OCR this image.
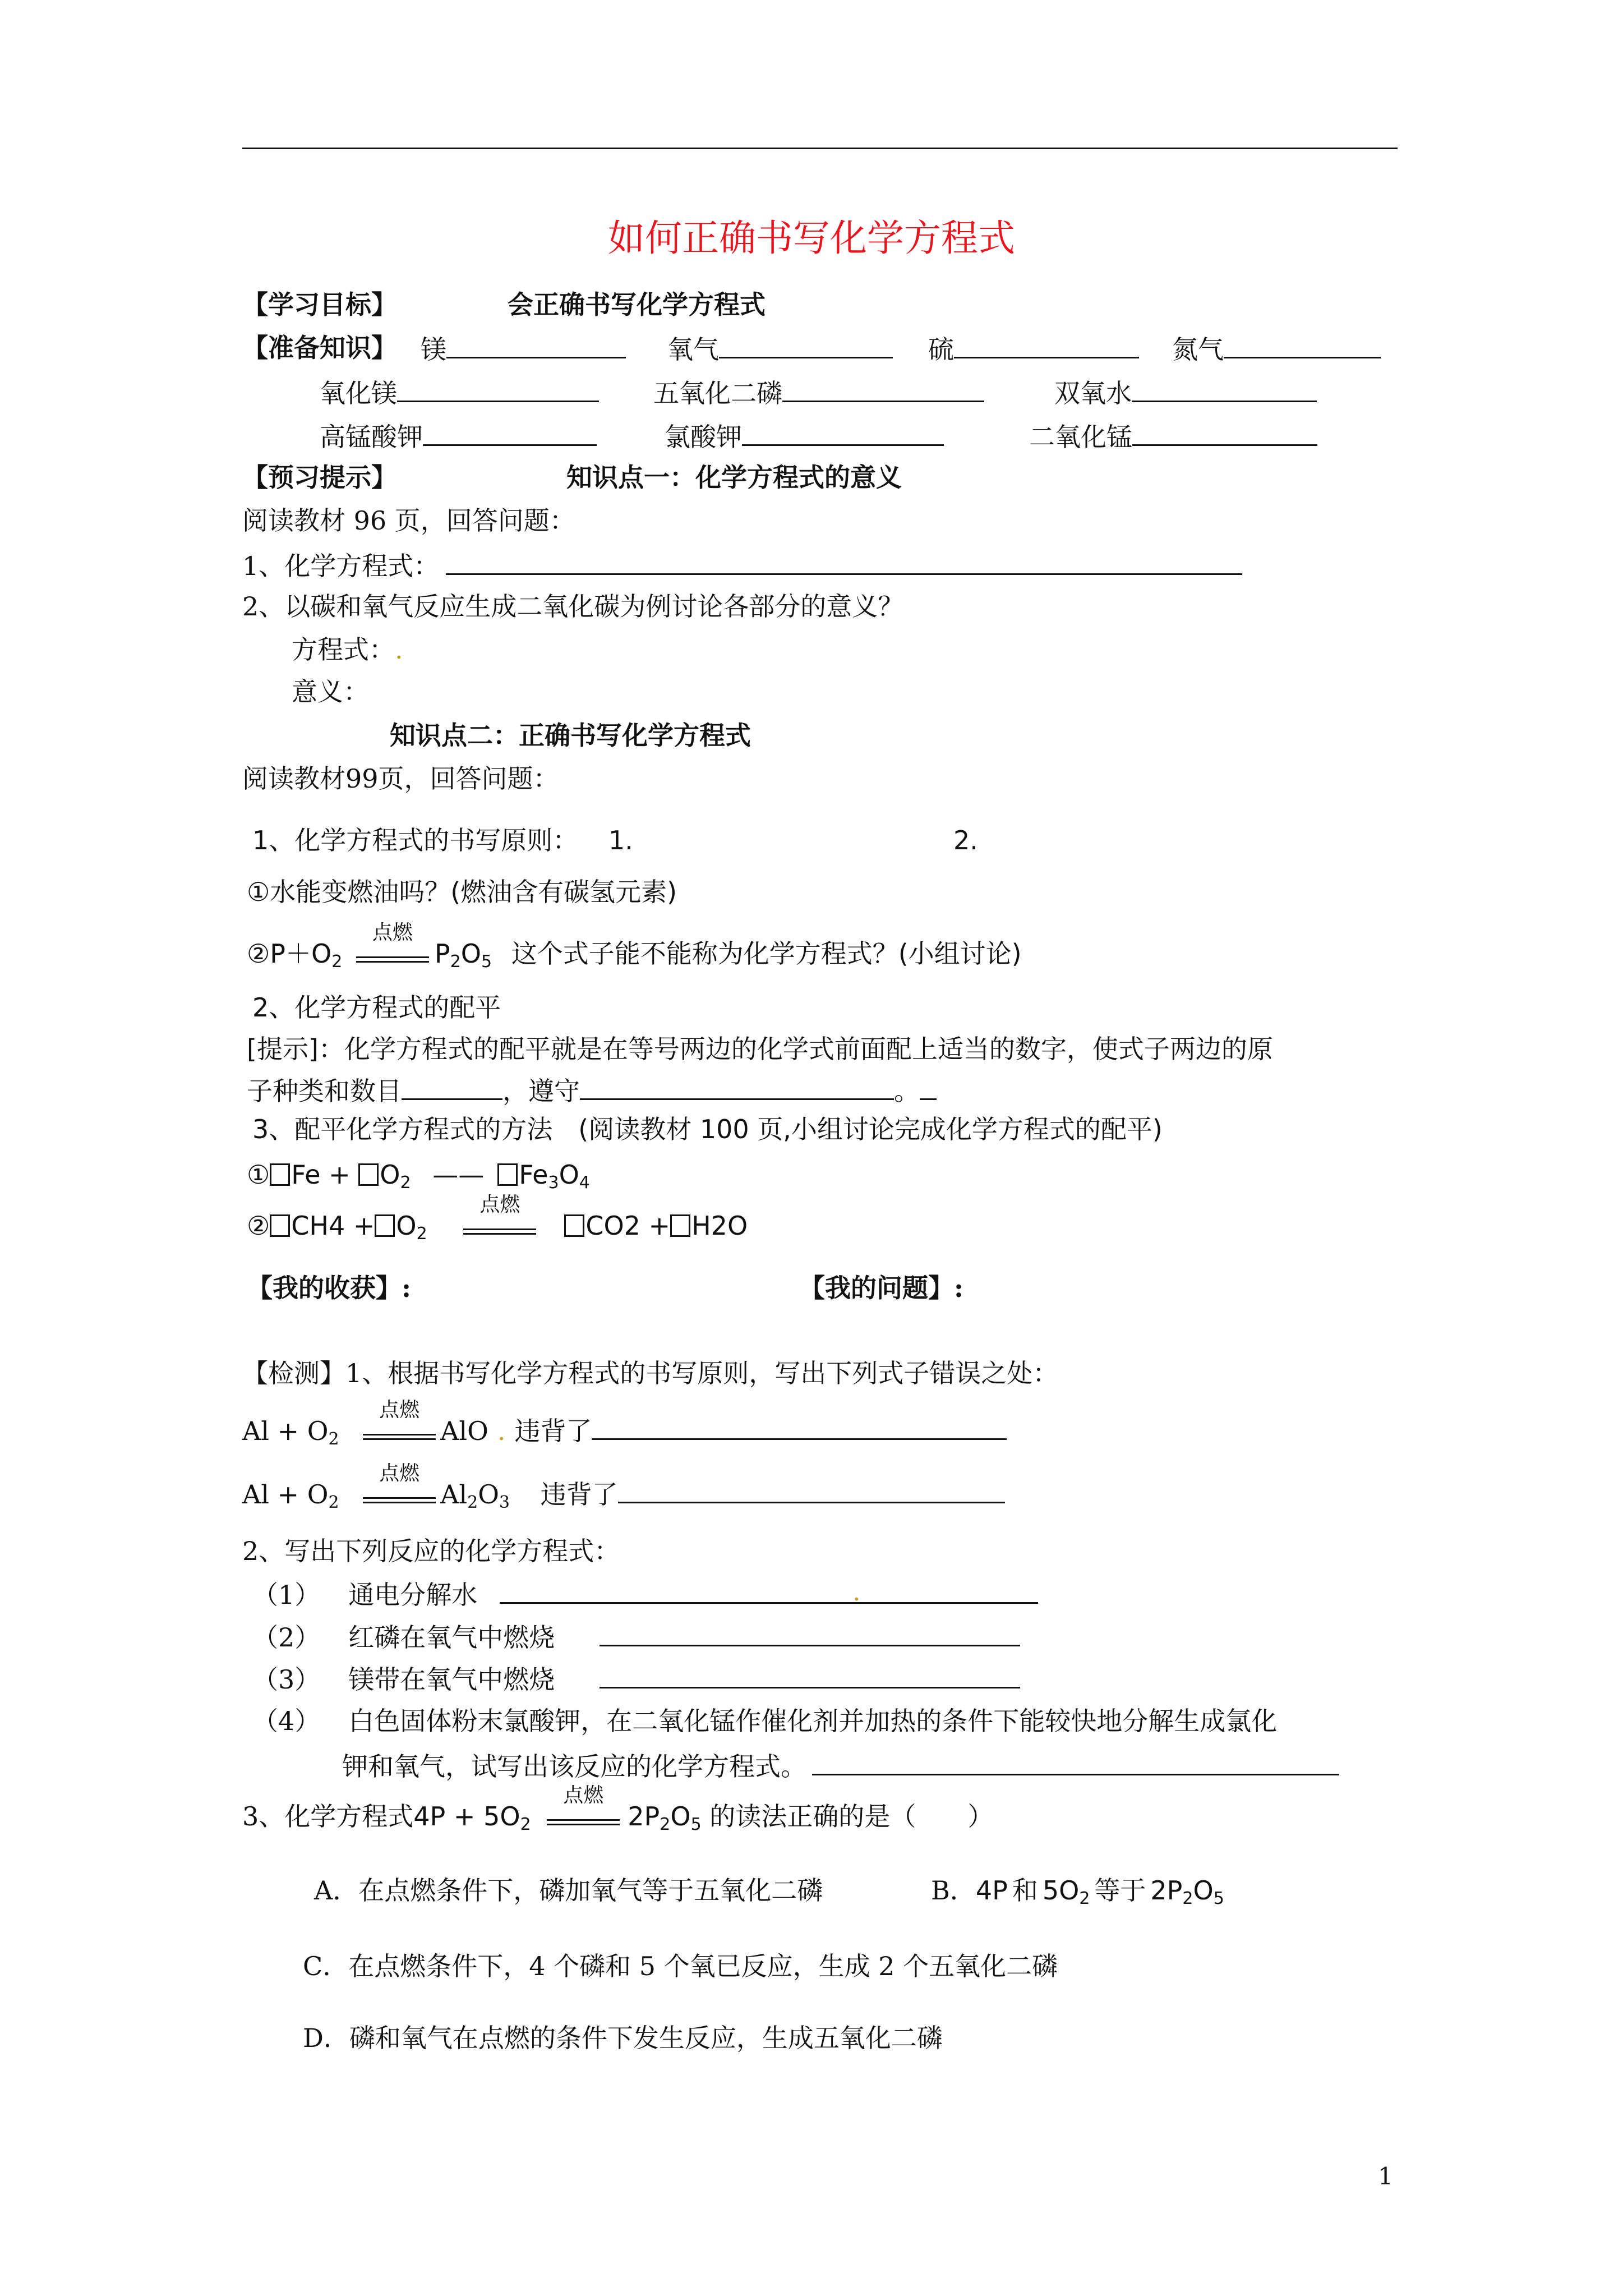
如何正确书写化学方程式
【学习目标】	会正确书写化学方程式
【准备知识】 镁	氧气	硫	氮气
氧化镁	五氧化二磷	双氧水
高锰酸钾	氯酸钾	二氧化锰
【预习提示】	知识点一：化学方程式的意义
阅读教材 96 页，回答问题：
1、化学方程式：
2、以碳和氧气反应生成二氧化碳为例讨论各部分的意义？
方程式：.
意义：
知识点二：正确书写化学方程式
阅读教材99页，回答问题：
1、化学方程式的书写原则： 1.	2.
①水能变燃油吗？(燃油含有碳氢元素)
$②P+O_2$
点燃
$P_2O_5$ 这个式子能不能称为化学方程式？(小组讨论)
2、化学方程式的配平
[提示]：化学方程式的配平就是在等号两边的化学式前面配上适当的数字，使式子两边的原
子种类和数目	，遵守	。
3、配平化学方程式的方法　(阅读教材 100 页,小组讨论完成化学方程式的配平)
① $Fe + O_2$ —— $Fe_3O_4$
② $CH4 + O_2$
点燃
CO2 + H2O
【我的收获】:	【我的问题】:
【检测】1、根据书写化学方程式的书写原则，写出下列式子错误之处：
$Al + O_2$
点燃
AlO . 违背了
$Al + O_2$
点燃
$Al_2O_3$ 违背了
2、写出下列反应的化学方程式：
（1） 通电分解水	.
（2） 红磷在氧气中燃烧
（3） 镁带在氧气中燃烧
（4） 白色固体粉末氯酸钾，在二氧化锰作催化剂并加热的条件下能较快地分解生成氯化
钾和氧气，试写出该反应的化学方程式。
3、化学方程式$4P + 5O_2$
点燃
$2P_2O_5$ 的读法正确的是（　　）
A．在点燃条件下，磷加氧气等于五氧化二磷	B．4P 和 $5O_2$ 等于 $2P_2O_5$
C．在点燃条件下，4 个磷和 5 个氧已反应，生成 2 个五氧化二磷
D．磷和氧气在点燃的条件下发生反应，生成五氧化二磷
1
